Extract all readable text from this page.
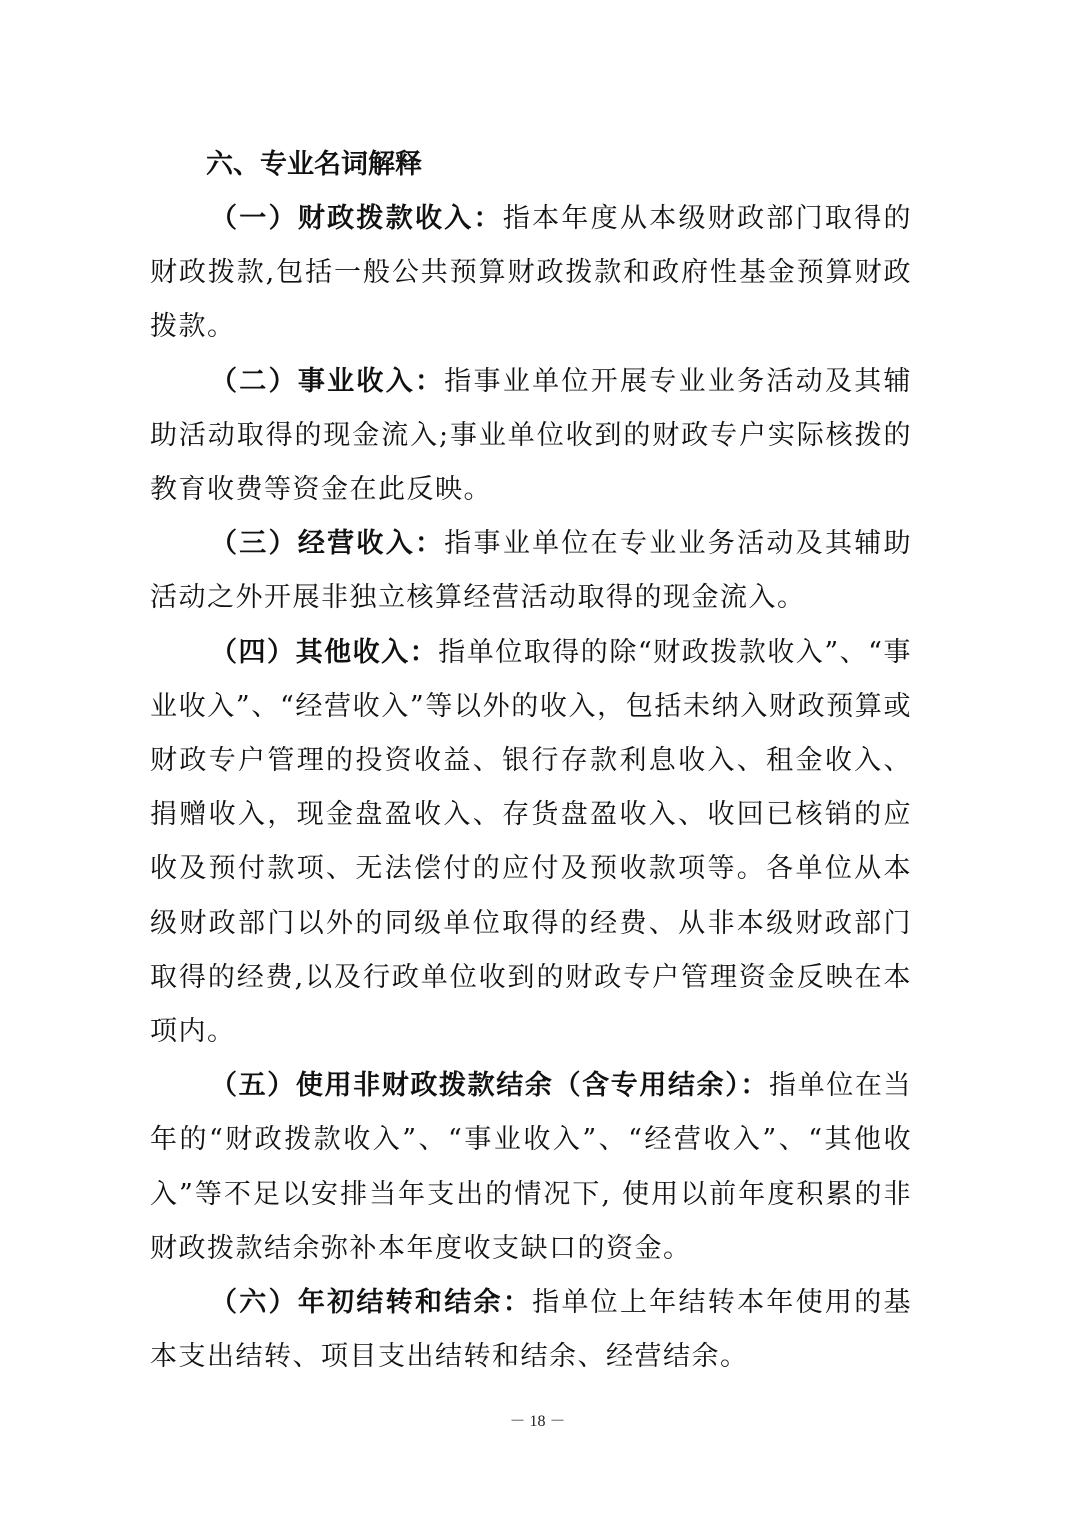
六、专业名词解释

（一）财政拨款收入：指本年度从本级财政部门取得的财政拨款,包括一般公共预算财政拨款和政府性基金预算财政拨款。

（二）事业收入：指事业单位开展专业业务活动及其辅助活动取得的现金流入;事业单位收到的财政专户实际核拨的教育收费等资金在此反映。

（三）经营收入：指事业单位在专业业务活动及其辅助活动之外开展非独立核算经营活动取得的现金流入。

（四）其他收入：指单位取得的除“财政拨款收入”、“事业收入”、“经营收入”等以外的收入，包括未纳入财政预算或财政专户管理的投资收益、银行存款利息收入、租金收入、捐赠收入，现金盘盈收入、存货盘盈收入、收回已核销的应收及预付款项、无法偿付的应付及预收款项等。各单位从本级财政部门以外的同级单位取得的经费、从非本级财政部门取得的经费,以及行政单位收到的财政专户管理资金反映在本项内。

（五）使用非财政拨款结余（含专用结余）：指单位在当年的“财政拨款收入”、“事业收入”、“经营收入”、“其他收入”等不足以安排当年支出的情况下, 使用以前年度积累的非财政拨款结余弥补本年度收支缺口的资金。

（六）年初结转和结余：指单位上年结转本年使用的基本支出结转、项目支出结转和结余、经营结余。

－ 18 －
